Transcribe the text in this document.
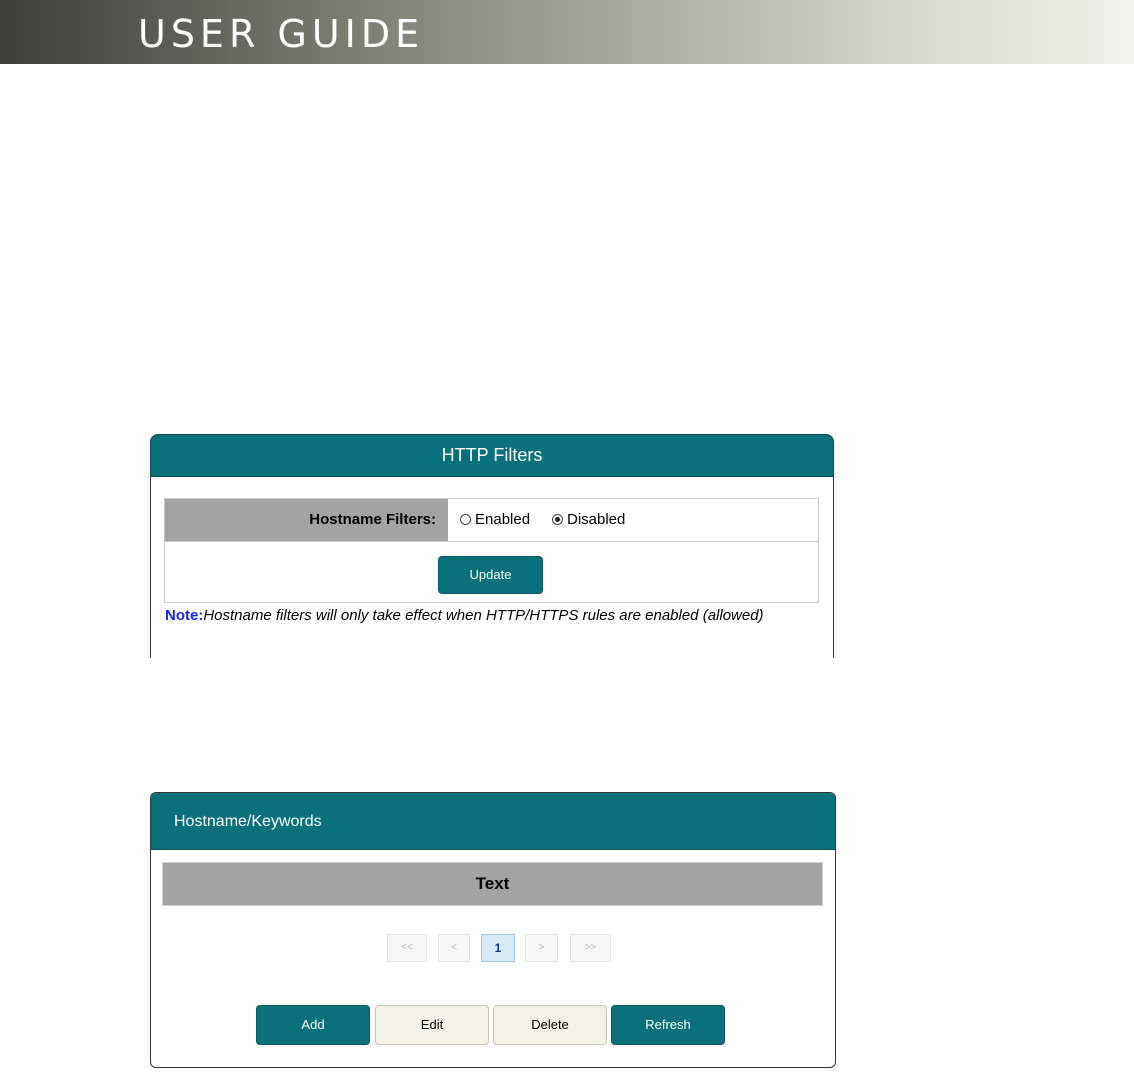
USER GUIDE
HTTP Filters
Hostname Filters:	Enabled	Disabled
Update
Note:Hostname filters will only take effect when HTTP/HTTPS rules are enabled (allowed)
Hostname/Keywords
Text
<<	<	1	>	>>
Add	Edit	Delete	Refresh
